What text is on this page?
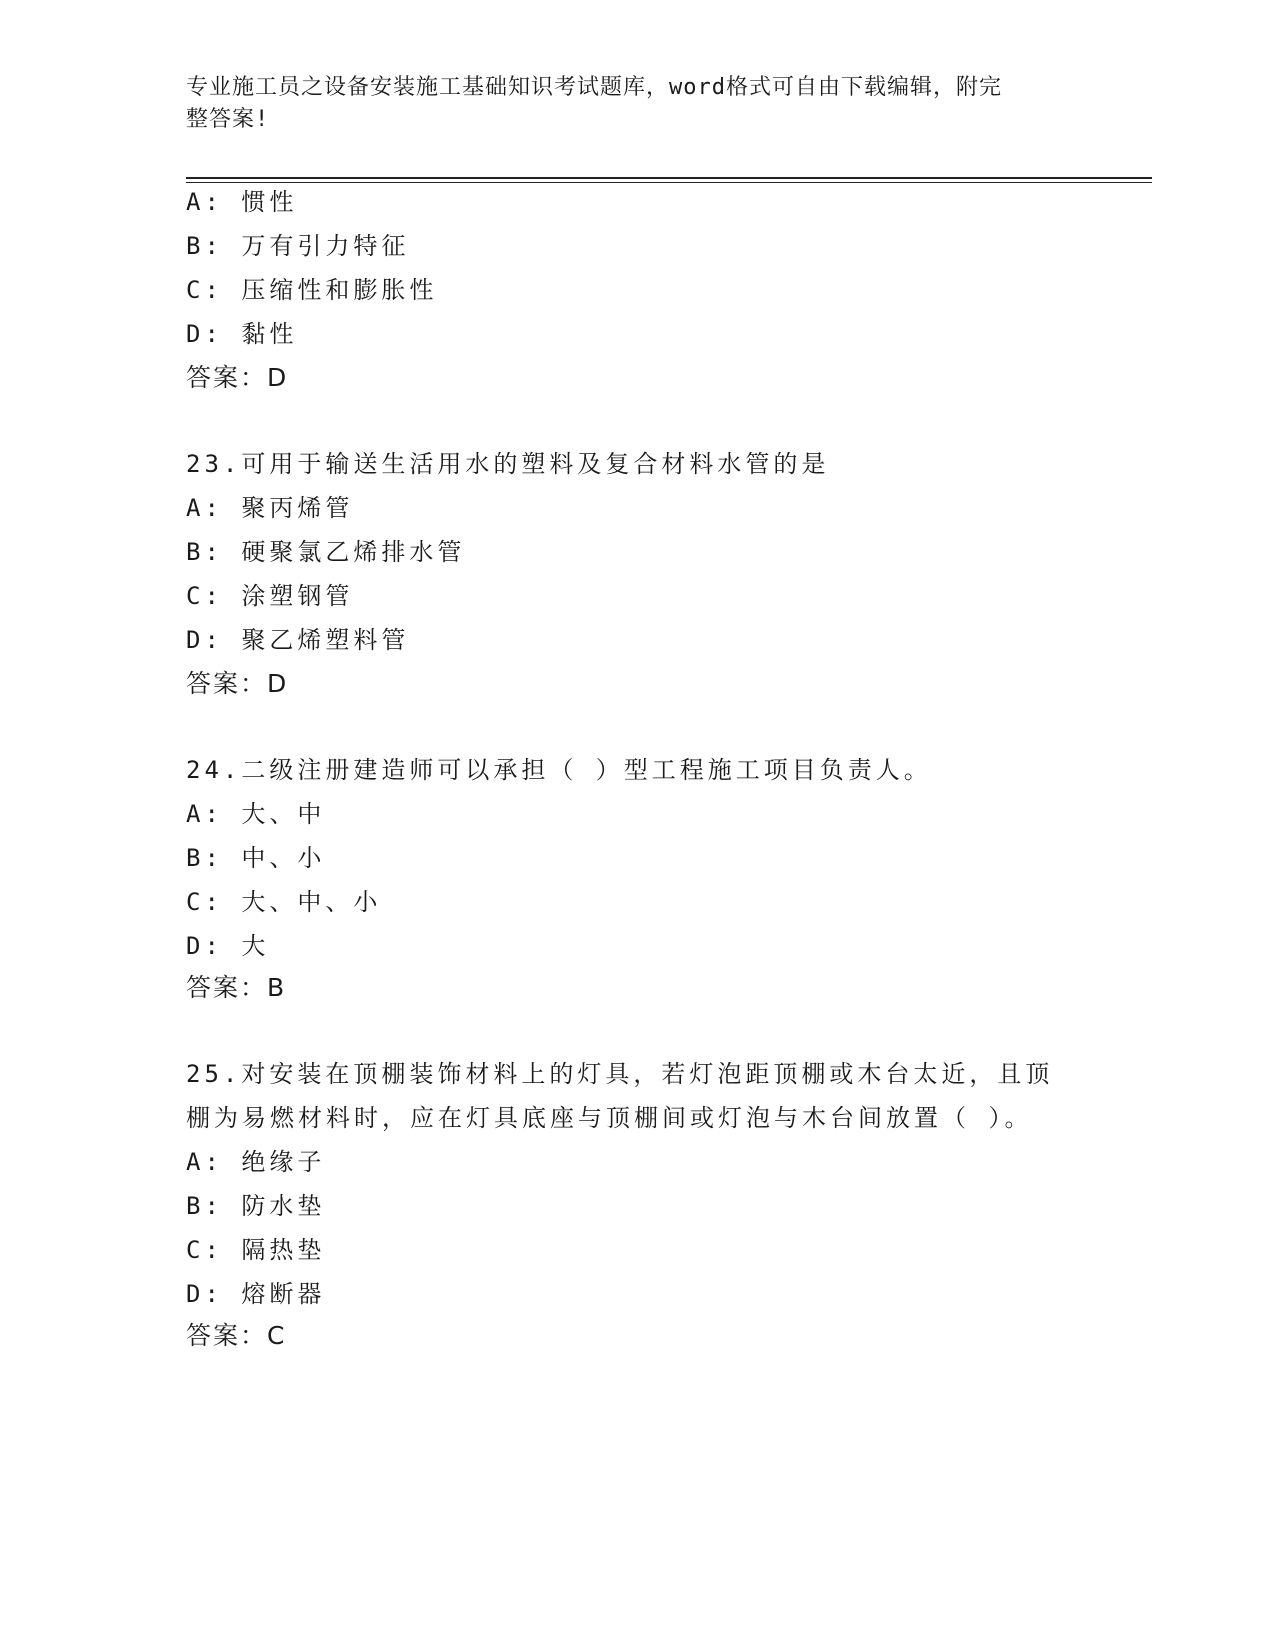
专业施工员之设备安装施工基础知识考试题库，word格式可自由下载编辑，附完
整答案!
A: 惯性
B: 万有引力特征
C: 压缩性和膨胀性
D: 黏性
答案：D
23.可用于输送生活用水的塑料及复合材料水管的是
A: 聚丙烯管
B: 硬聚氯乙烯排水管
C: 涂塑钢管
D: 聚乙烯塑料管
答案：D
24.二级注册建造师可以承担（ ）型工程施工项目负责人。
A: 大、中
B: 中、小
C: 大、中、小
D: 大
答案：B
25.对安装在顶棚装饰材料上的灯具，若灯泡距顶棚或木台太近，且顶
棚为易燃材料时，应在灯具底座与顶棚间或灯泡与木台间放置（ ）。
A: 绝缘子
B: 防水垫
C: 隔热垫
D: 熔断器
答案：C
